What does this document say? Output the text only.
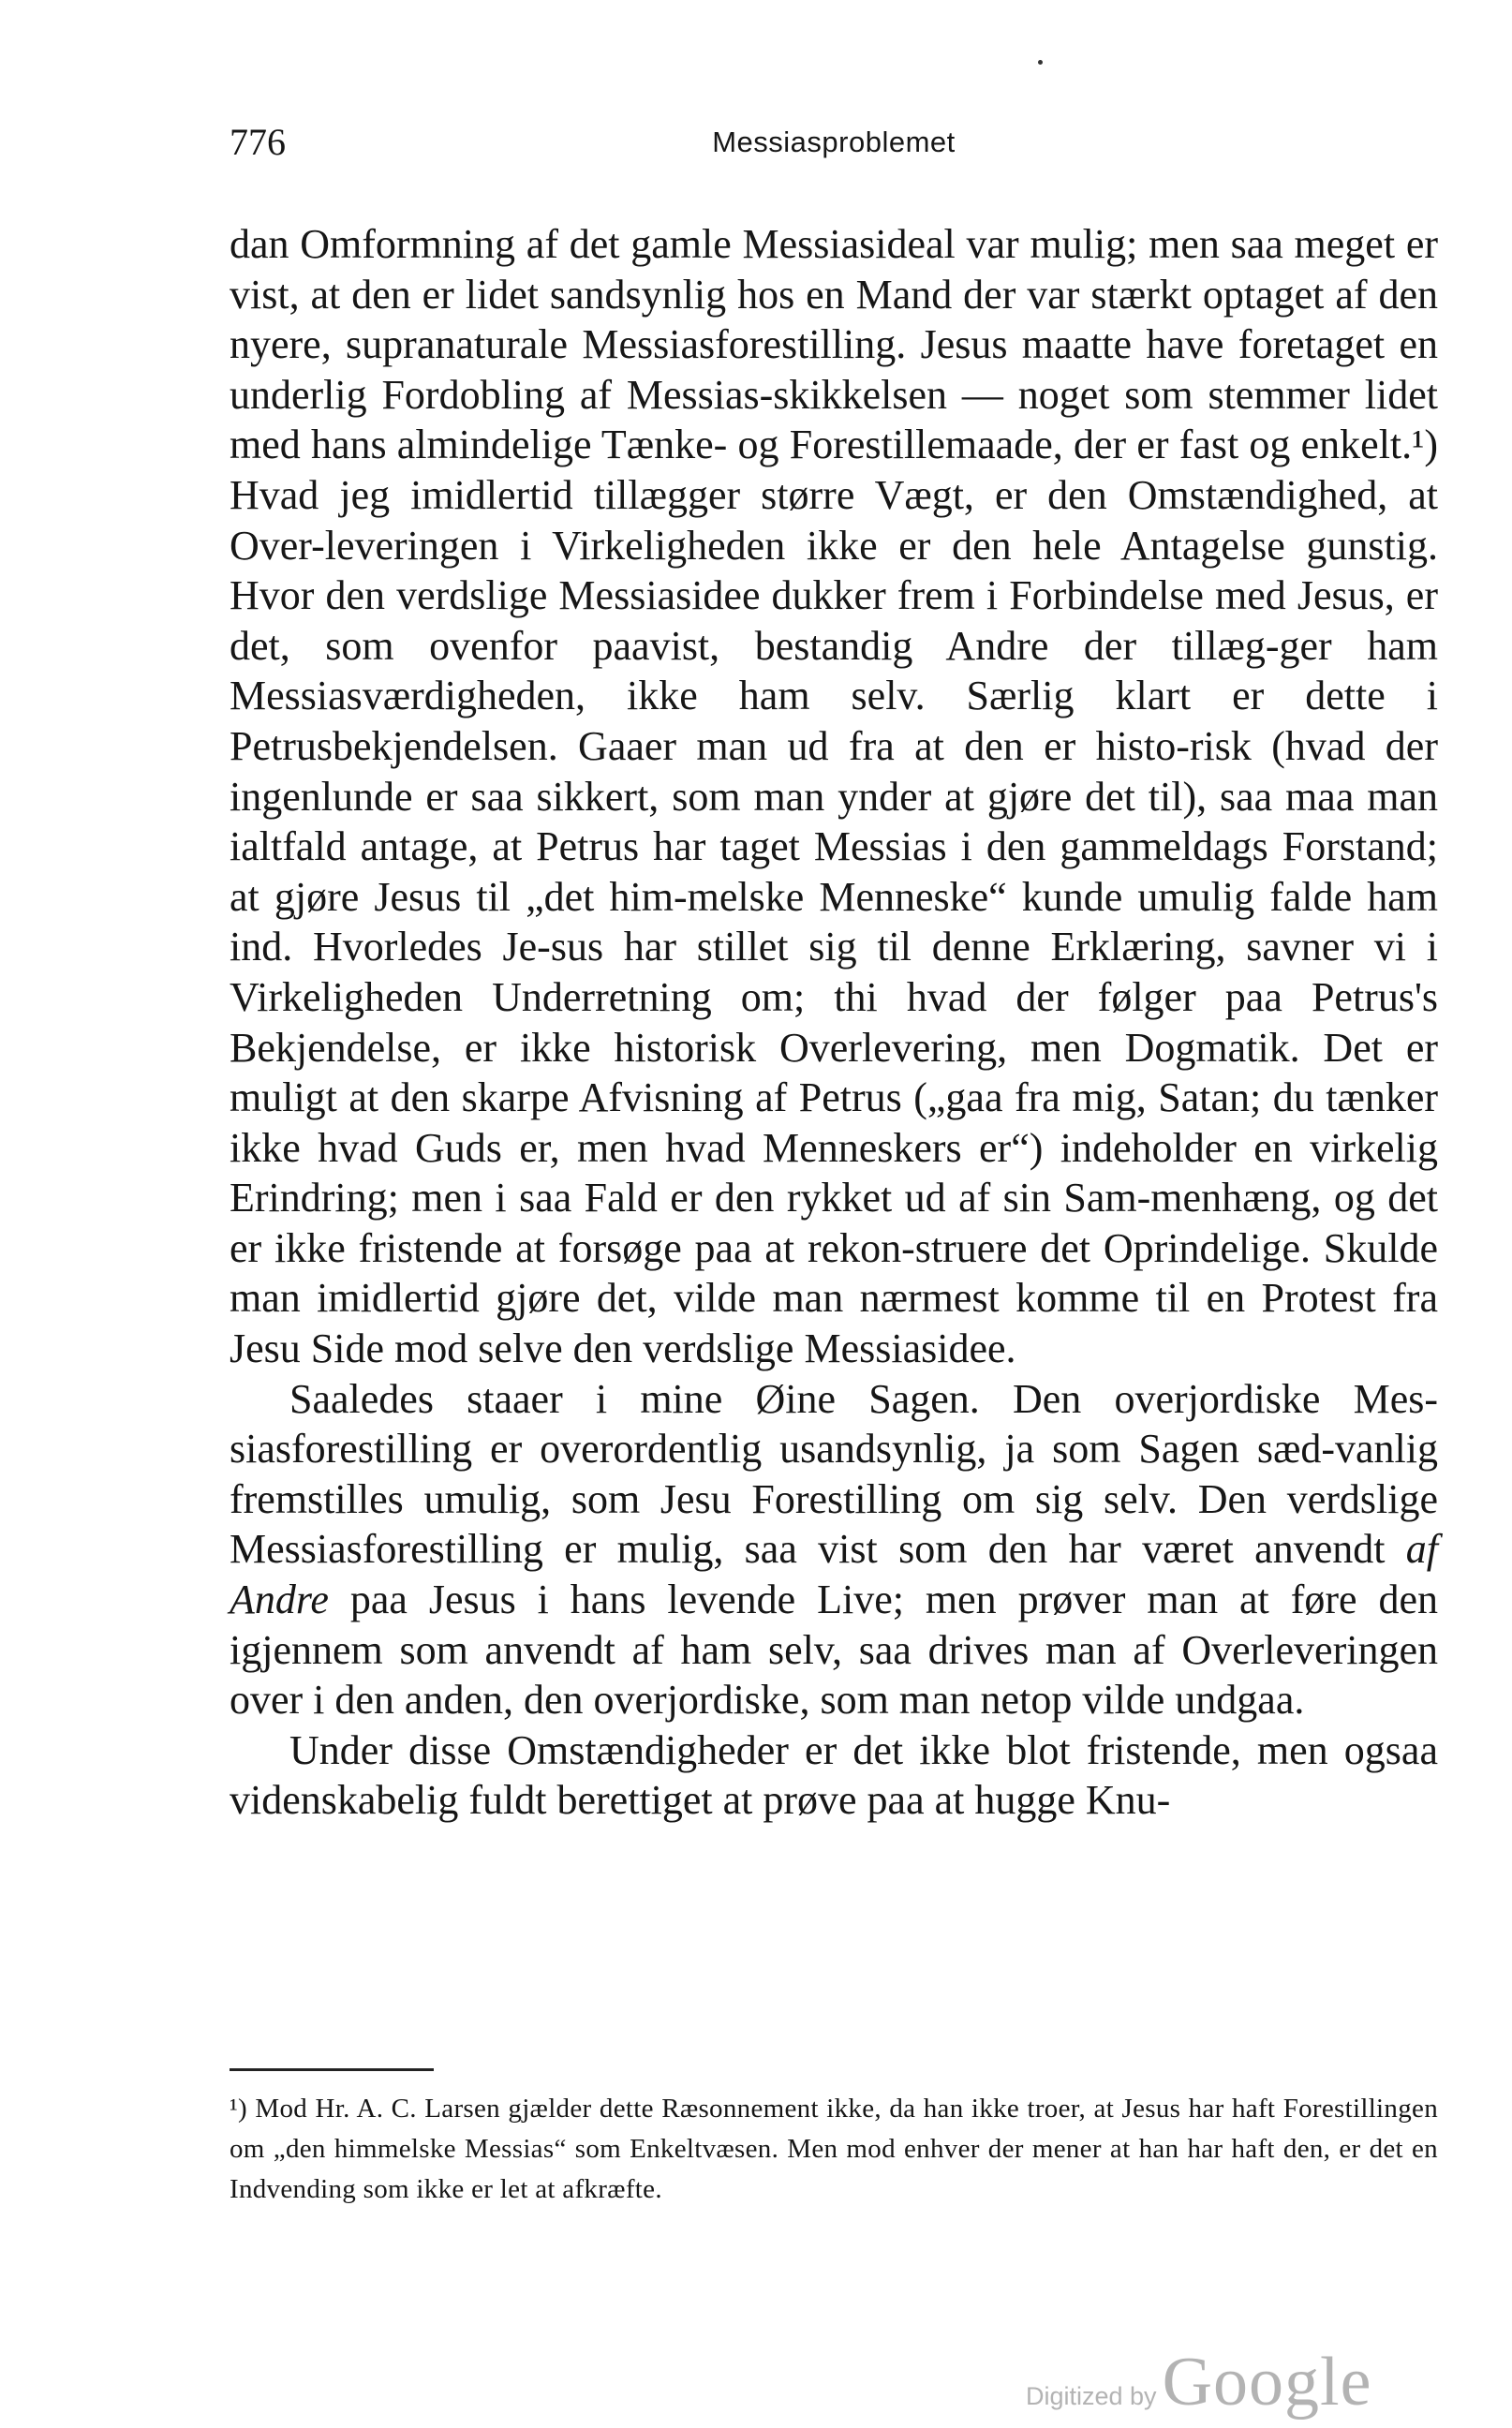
776	Messiasproblemet

dan Omformning af det gamle Messiasideal var mulig; men saa meget er vist, at den er lidet sandsynlig hos en Mand der var stærkt optaget af den nyere, supranaturale Messiasforestilling. Jesus maatte have foretaget en underlig Fordobling af Messias-skikkelsen — noget som stemmer lidet med hans almindelige Tænke- og Forestillemaade, der er fast og enkelt.¹) Hvad jeg imidlertid tillægger større Vægt, er den Omstændighed, at Over-leveringen i Virkeligheden ikke er den hele Antagelse gunstig. Hvor den verdslige Messiasidee dukker frem i Forbindelse med Jesus, er det, som ovenfor paavist, bestandig Andre der tillæg-ger ham Messiasværdigheden, ikke ham selv. Særlig klart er dette i Petrusbekjendelsen. Gaaer man ud fra at den er histo-risk (hvad der ingenlunde er saa sikkert, som man ynder at gjøre det til), saa maa man ialtfald antage, at Petrus har taget Messias i den gammeldags Forstand; at gjøre Jesus til „det him-melske Menneske“ kunde umulig falde ham ind. Hvorledes Je-sus har stillet sig til denne Erklæring, savner vi i Virkeligheden Underretning om; thi hvad der følger paa Petrus's Bekjendelse, er ikke historisk Overlevering, men Dogmatik. Det er muligt at den skarpe Afvisning af Petrus („gaa fra mig, Satan; du tænker ikke hvad Guds er, men hvad Menneskers er“) indeholder en virkelig Erindring; men i saa Fald er den rykket ud af sin Sam-menhæng, og det er ikke fristende at forsøge paa at rekon-struere det Oprindelige. Skulde man imidlertid gjøre det, vilde man nærmest komme til en Protest fra Jesu Side mod selve den verdslige Messiasidee.

Saaledes staaer i mine Øine Sagen. Den overjordiske Mes-siasforestilling er overordentlig usandsynlig, ja som Sagen sæd-vanlig fremstilles umulig, som Jesu Forestilling om sig selv. Den verdslige Messiasforestilling er mulig, saa vist som den har været anvendt af Andre paa Jesus i hans levende Live; men prøver man at føre den igjennem som anvendt af ham selv, saa drives man af Overleveringen over i den anden, den overjordiske, som man netop vilde undgaa.

Under disse Omstændigheder er det ikke blot fristende, men ogsaa videnskabelig fuldt berettiget at prøve paa at hugge Knu-

¹) Mod Hr. A. C. Larsen gjælder dette Ræsonnement ikke, da han ikke troer, at Jesus har haft Forestillingen om „den himmelske Messias“ som Enkeltvæsen. Men mod enhver der mener at han har haft den, er det en Indvending som ikke er let at afkræfte.
Digitized by Google
